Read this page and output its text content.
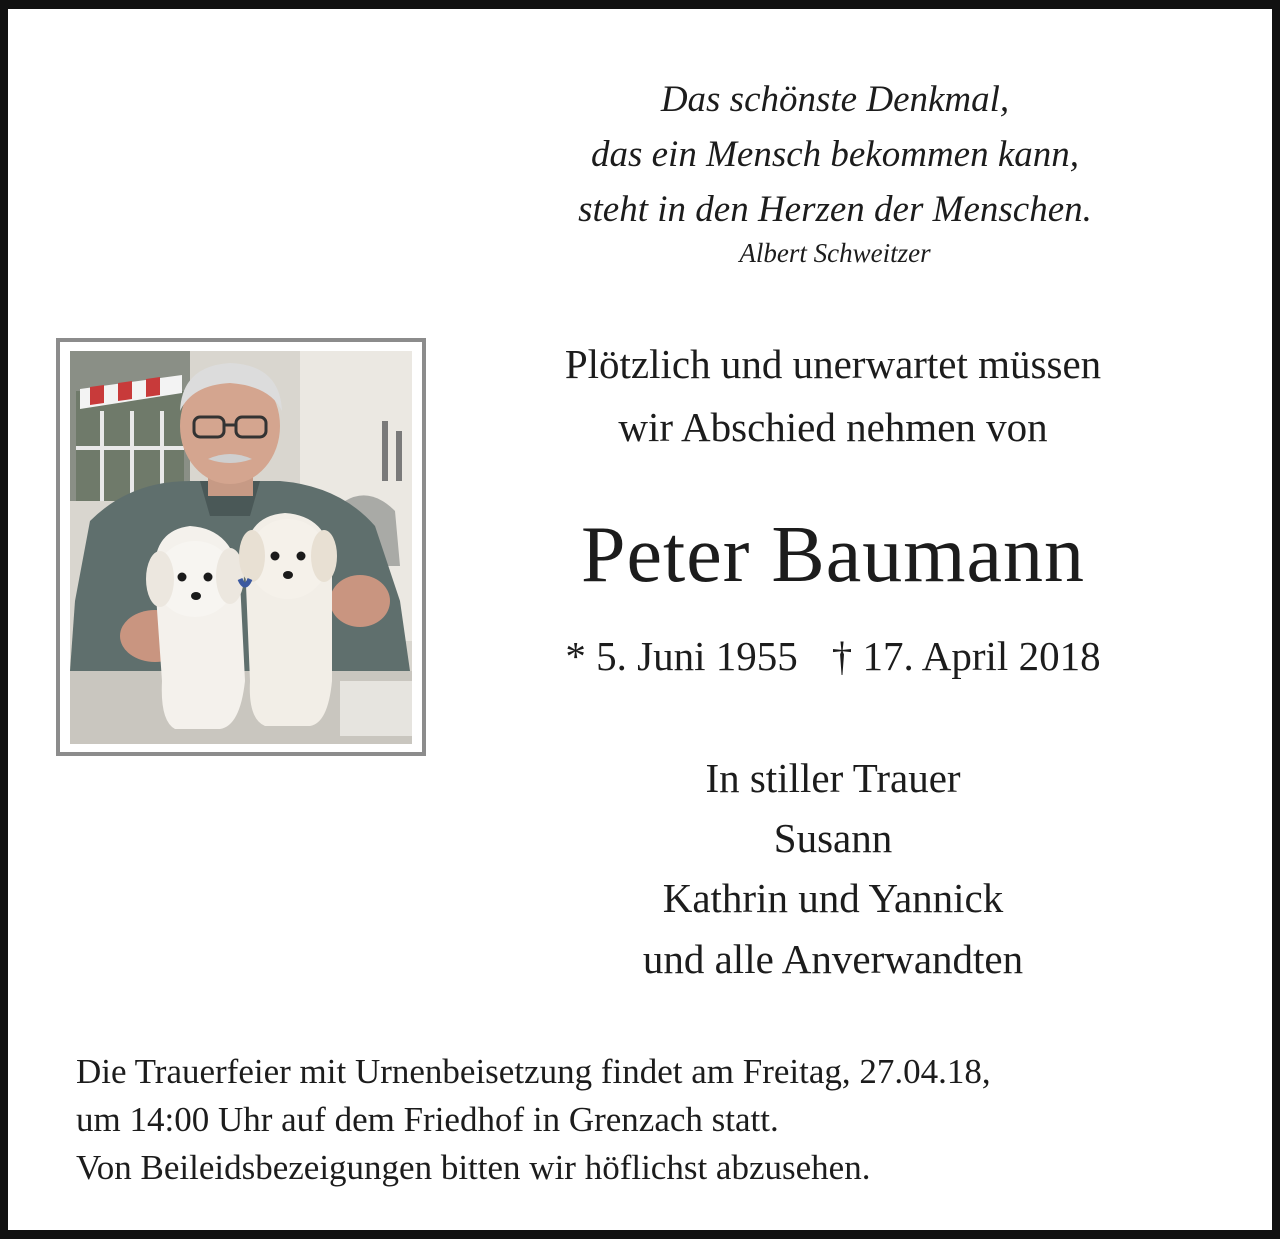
Das schönste Denkmal,
das ein Mensch bekommen kann,
steht in den Herzen der Menschen.
Albert Schweitzer
Plötzlich und unerwartet müssen
wir Abschied nehmen von
Peter Baumann
* 5. Juni 1955 † 17. April 2018
In stiller Trauer
Susann
Kathrin und Yannick
und alle Anverwandten
Die Trauerfeier mit Urnenbeisetzung findet am Freitag, 27.04.18,
um 14:00 Uhr auf dem Friedhof in Grenzach statt.
Von Beileidsbezeigungen bitten wir höflichst abzusehen.
